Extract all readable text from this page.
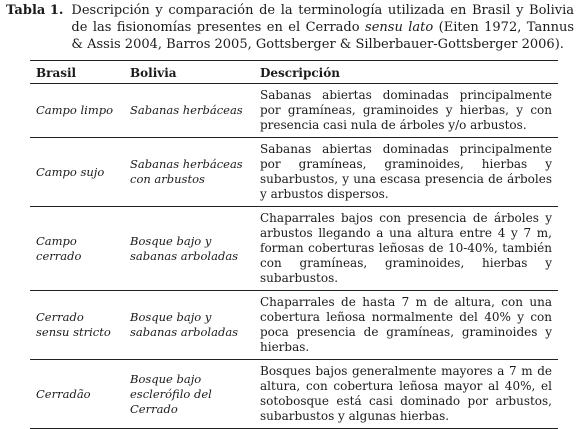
Tabla 1. Descripción y comparación de la terminología utilizada en Brasil y Bolivia de las fisionomías presentes en el Cerrado sensu lato (Eiten 1972, Tannus & Assis 2004, Barros 2005, Gottsberger & Silberbauer-Gottsberger 2006).
Brasil	Bolivia	Descripción
Campo limpo	Sabanas herbáceas	Sabanas abiertas dominadas principalmente por gramíneas, graminoides y hierbas, y con presencia casi nula de árboles y/o arbustos.
Campo sujo	Sabanas herbáceas con arbustos	Sabanas abiertas dominadas principalmente por gramíneas, graminoides, hierbas y subarbustos, y una escasa presencia de árboles y arbustos dispersos.
Campo cerrado	Bosque bajo y sabanas arboladas	Chaparrales bajos con presencia de árboles y arbustos llegando a una altura entre 4 y 7 m, forman coberturas leñosas de 10-40%, también con gramíneas, graminoides, hierbas y subarbustos.
Cerrado sensu stricto	Bosque bajo y sabanas arboladas	Chaparrales de hasta 7 m de altura, con una cobertura leñosa normalmente del 40% y con poca presencia de gramíneas, graminoides y hierbas.
Cerradão	Bosque bajo esclerófilo del Cerrado	Bosques bajos generalmente mayores a 7 m de altura, con cobertura leñosa mayor al 40%, el sotobosque está casi dominado por arbustos, subarbustos y algunas hierbas.
